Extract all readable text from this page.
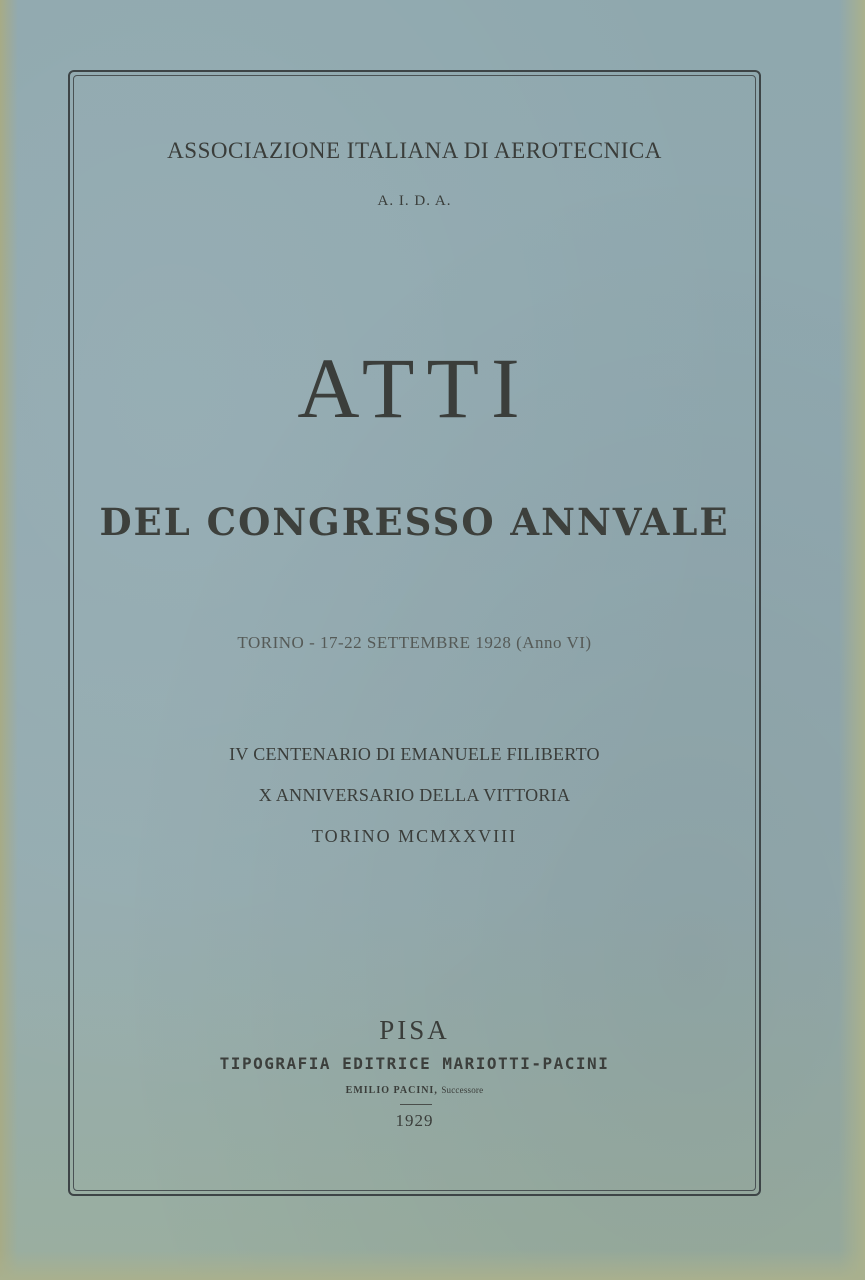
ASSOCIAZIONE ITALIANA DI AEROTECNICA
A. I. D. A.
ATTI
DEL CONGRESSO ANNVALE
TORINO - 17-22 SETTEMBRE 1928 (Anno VI)
IV CENTENARIO DI EMANUELE FILIBERTO
X ANNIVERSARIO DELLA VITTORIA
TORINO MCMXXVIII
PISA
TIPOGRAFIA EDITRICE MARIOTTI-PACINI
EMILIO PACINI, Successore
1929
